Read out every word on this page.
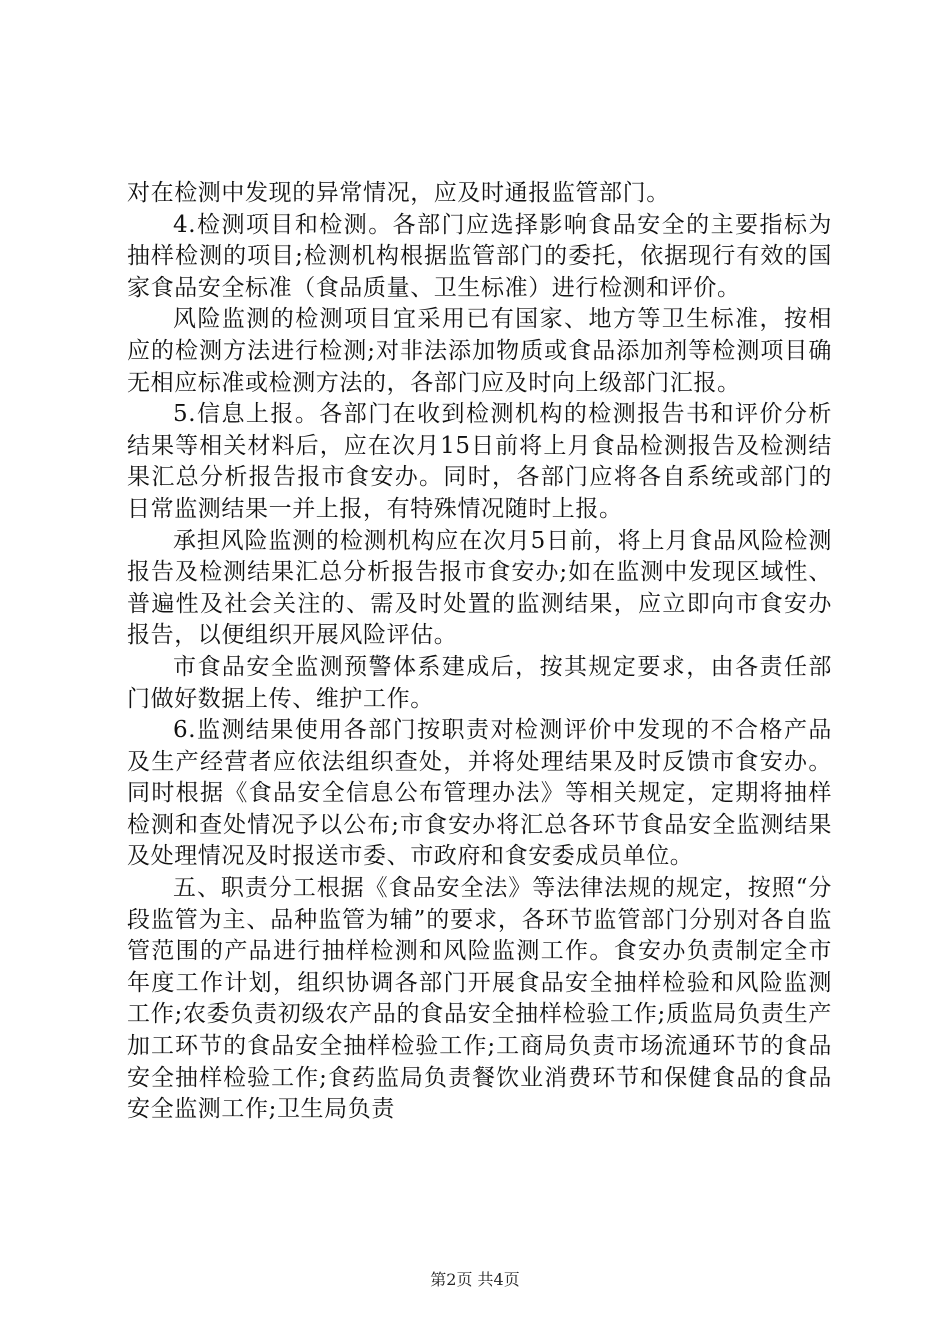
对在检测中发现的异常情况，应及时通报监管部门。

4.检测项目和检测。各部门应选择影响食品安全的主要指标为抽样检测的项目;检测机构根据监管部门的委托，依据现行有效的国家食品安全标准（食品质量、卫生标准）进行检测和评价。

风险监测的检测项目宜采用已有国家、地方等卫生标准，按相应的检测方法进行检测;对非法添加物质或食品添加剂等检测项目确无相应标准或检测方法的，各部门应及时向上级部门汇报。

5.信息上报。各部门在收到检测机构的检测报告书和评价分析结果等相关材料后，应在次月15日前将上月食品检测报告及检测结果汇总分析报告报市食安办。同时，各部门应将各自系统或部门的日常监测结果一并上报，有特殊情况随时上报。

承担风险监测的检测机构应在次月5日前，将上月食品风险检测报告及检测结果汇总分析报告报市食安办;如在监测中发现区域性、普遍性及社会关注的、需及时处置的监测结果，应立即向市食安办报告，以便组织开展风险评估。

市食品安全监测预警体系建成后，按其规定要求，由各责任部门做好数据上传、维护工作。

6.监测结果使用各部门按职责对检测评价中发现的不合格产品及生产经营者应依法组织查处，并将处理结果及时反馈市食安办。同时根据《食品安全信息公布管理办法》等相关规定，定期将抽样检测和查处情况予以公布;市食安办将汇总各环节食品安全监测结果及处理情况及时报送市委、市政府和食安委成员单位。

五、职责分工根据《食品安全法》等法律法规的规定，按照“分段监管为主、品种监管为辅”的要求，各环节监管部门分别对各自监管范围的产品进行抽样检测和风险监测工作。食安办负责制定全市年度工作计划，组织协调各部门开展食品安全抽样检验和风险监测工作;农委负责初级农产品的食品安全抽样检验工作;质监局负责生产加工环节的食品安全抽样检验工作;工商局负责市场流通环节的食品安全抽样检验工作;食药监局负责餐饮业消费环节和保健食品的食品安全监测工作;卫生局负责

第2页 共4页
